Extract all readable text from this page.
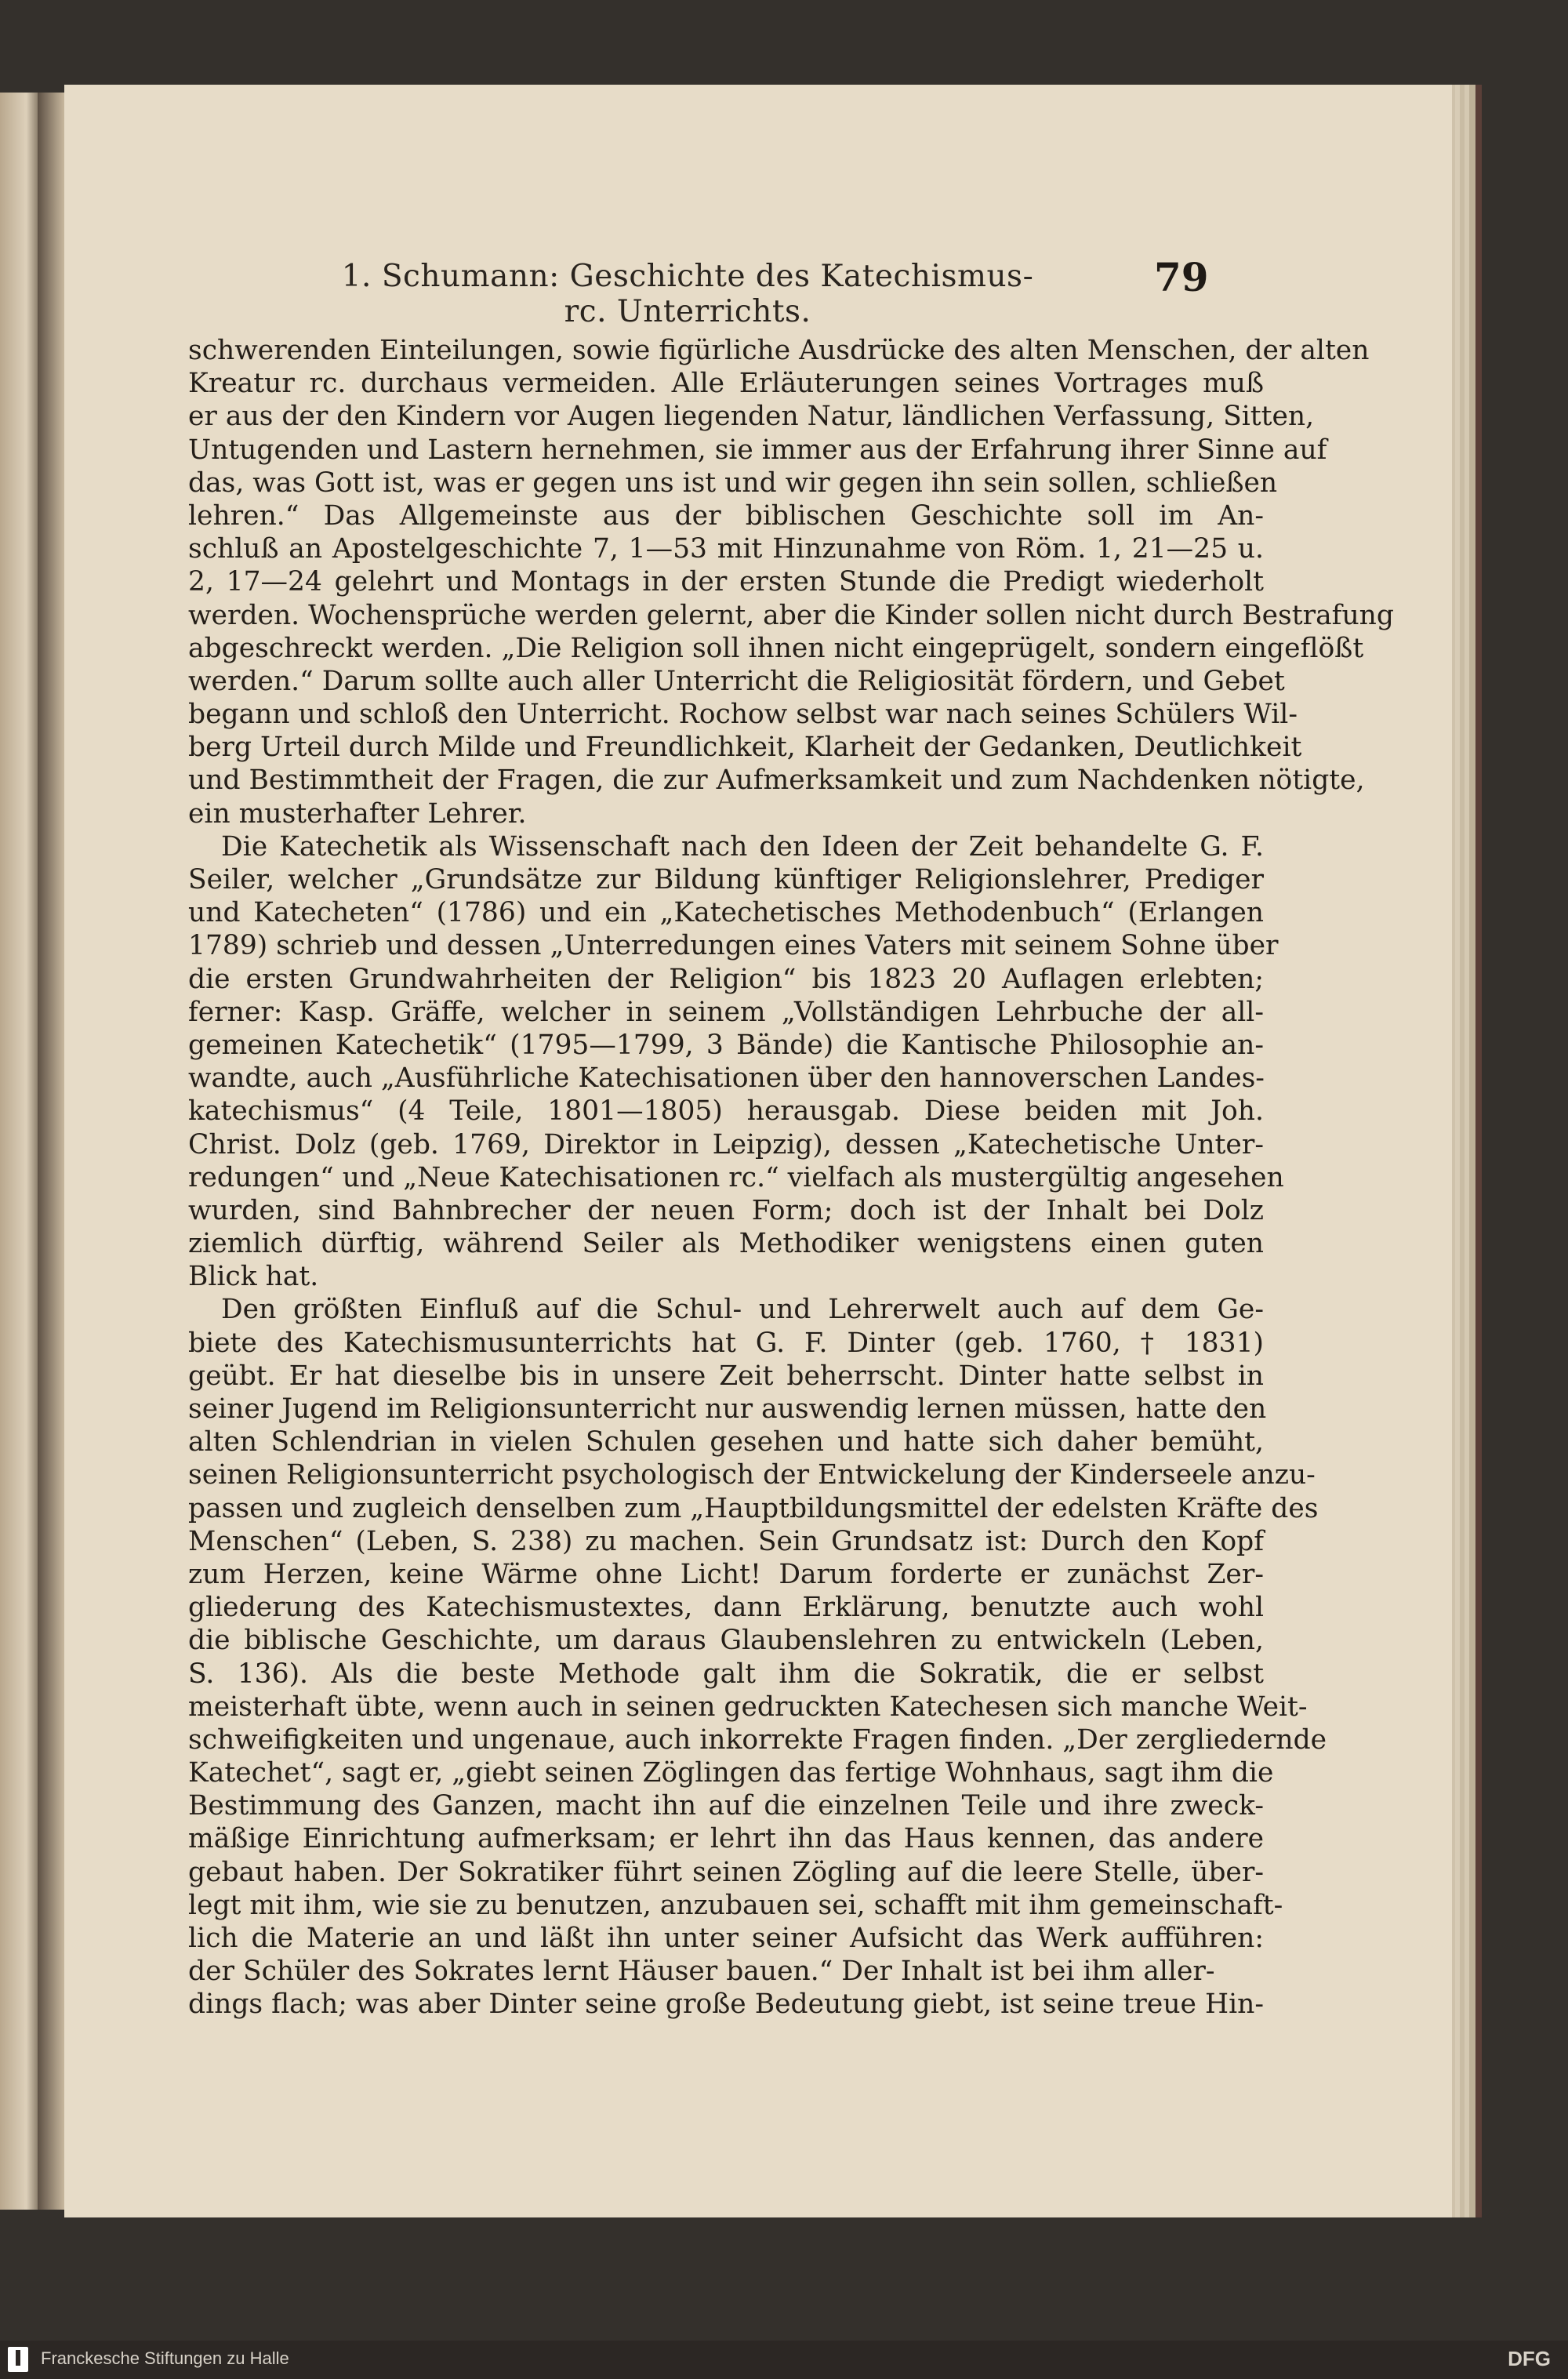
1. Schumann: Geschichte des Katechismus- rc. Unterrichts.
79
schwerenden Einteilungen, sowie figürliche Ausdrücke des alten Menschen, der alten
Kreatur rc. durchaus vermeiden. Alle Erläuterungen seines Vortrages muß
er aus der den Kindern vor Augen liegenden Natur, ländlichen Verfassung, Sitten,
Untugenden und Lastern hernehmen, sie immer aus der Erfahrung ihrer Sinne auf
das, was Gott ist, was er gegen uns ist und wir gegen ihn sein sollen, schließen
lehren.“ Das Allgemeinste aus der biblischen Geschichte soll im An-
schluß an Apostelgeschichte 7, 1—53 mit Hinzunahme von Röm. 1, 21—25 u.
2, 17—24 gelehrt und Montags in der ersten Stunde die Predigt wiederholt
werden. Wochensprüche werden gelernt, aber die Kinder sollen nicht durch Bestrafung
abgeschreckt werden. „Die Religion soll ihnen nicht eingeprügelt, sondern eingeflößt
werden.“ Darum sollte auch aller Unterricht die Religiosität fördern, und Gebet
begann und schloß den Unterricht. Rochow selbst war nach seines Schülers Wil-
berg Urteil durch Milde und Freundlichkeit, Klarheit der Gedanken, Deutlichkeit
und Bestimmtheit der Fragen, die zur Aufmerksamkeit und zum Nachdenken nötigte,
ein musterhafter Lehrer.
Die Katechetik als Wissenschaft nach den Ideen der Zeit behandelte G. F.
Seiler, welcher „Grundsätze zur Bildung künftiger Religionslehrer, Prediger
und Katecheten“ (1786) und ein „Katechetisches Methodenbuch“ (Erlangen
1789) schrieb und dessen „Unterredungen eines Vaters mit seinem Sohne über
die ersten Grundwahrheiten der Religion“ bis 1823 20 Auflagen erlebten;
ferner: Kasp. Gräffe, welcher in seinem „Vollständigen Lehrbuche der all-
gemeinen Katechetik“ (1795—1799, 3 Bände) die Kantische Philosophie an-
wandte, auch „Ausführliche Katechisationen über den hannoverschen Landes-
katechismus“ (4 Teile, 1801—1805) herausgab. Diese beiden mit Joh.
Christ. Dolz (geb. 1769, Direktor in Leipzig), dessen „Katechetische Unter-
redungen“ und „Neue Katechisationen rc.“ vielfach als mustergültig angesehen
wurden, sind Bahnbrecher der neuen Form; doch ist der Inhalt bei Dolz
ziemlich dürftig, während Seiler als Methodiker wenigstens einen guten
Blick hat.
Den größten Einfluß auf die Schul- und Lehrerwelt auch auf dem Ge-
biete des Katechismusunterrichts hat G. F. Dinter (geb. 1760, † 1831)
geübt. Er hat dieselbe bis in unsere Zeit beherrscht. Dinter hatte selbst in
seiner Jugend im Religionsunterricht nur auswendig lernen müssen, hatte den
alten Schlendrian in vielen Schulen gesehen und hatte sich daher bemüht,
seinen Religionsunterricht psychologisch der Entwickelung der Kinderseele anzu-
passen und zugleich denselben zum „Hauptbildungsmittel der edelsten Kräfte des
Menschen“ (Leben, S. 238) zu machen. Sein Grundsatz ist: Durch den Kopf
zum Herzen, keine Wärme ohne Licht! Darum forderte er zunächst Zer-
gliederung des Katechismustextes, dann Erklärung, benutzte auch wohl
die biblische Geschichte, um daraus Glaubenslehren zu entwickeln (Leben,
S. 136). Als die beste Methode galt ihm die Sokratik, die er selbst
meisterhaft übte, wenn auch in seinen gedruckten Katechesen sich manche Weit-
schweifigkeiten und ungenaue, auch inkorrekte Fragen finden. „Der zergliedernde
Katechet“, sagt er, „giebt seinen Zöglingen das fertige Wohnhaus, sagt ihm die
Bestimmung des Ganzen, macht ihn auf die einzelnen Teile und ihre zweck-
mäßige Einrichtung aufmerksam; er lehrt ihn das Haus kennen, das andere
gebaut haben. Der Sokratiker führt seinen Zögling auf die leere Stelle, über-
legt mit ihm, wie sie zu benutzen, anzubauen sei, schafft mit ihm gemeinschaft-
lich die Materie an und läßt ihn unter seiner Aufsicht das Werk aufführen:
der Schüler des Sokrates lernt Häuser bauen.“ Der Inhalt ist bei ihm aller-
dings flach; was aber Dinter seine große Bedeutung giebt, ist seine treue Hin-
Franckesche Stiftungen zu Halle	DFG
